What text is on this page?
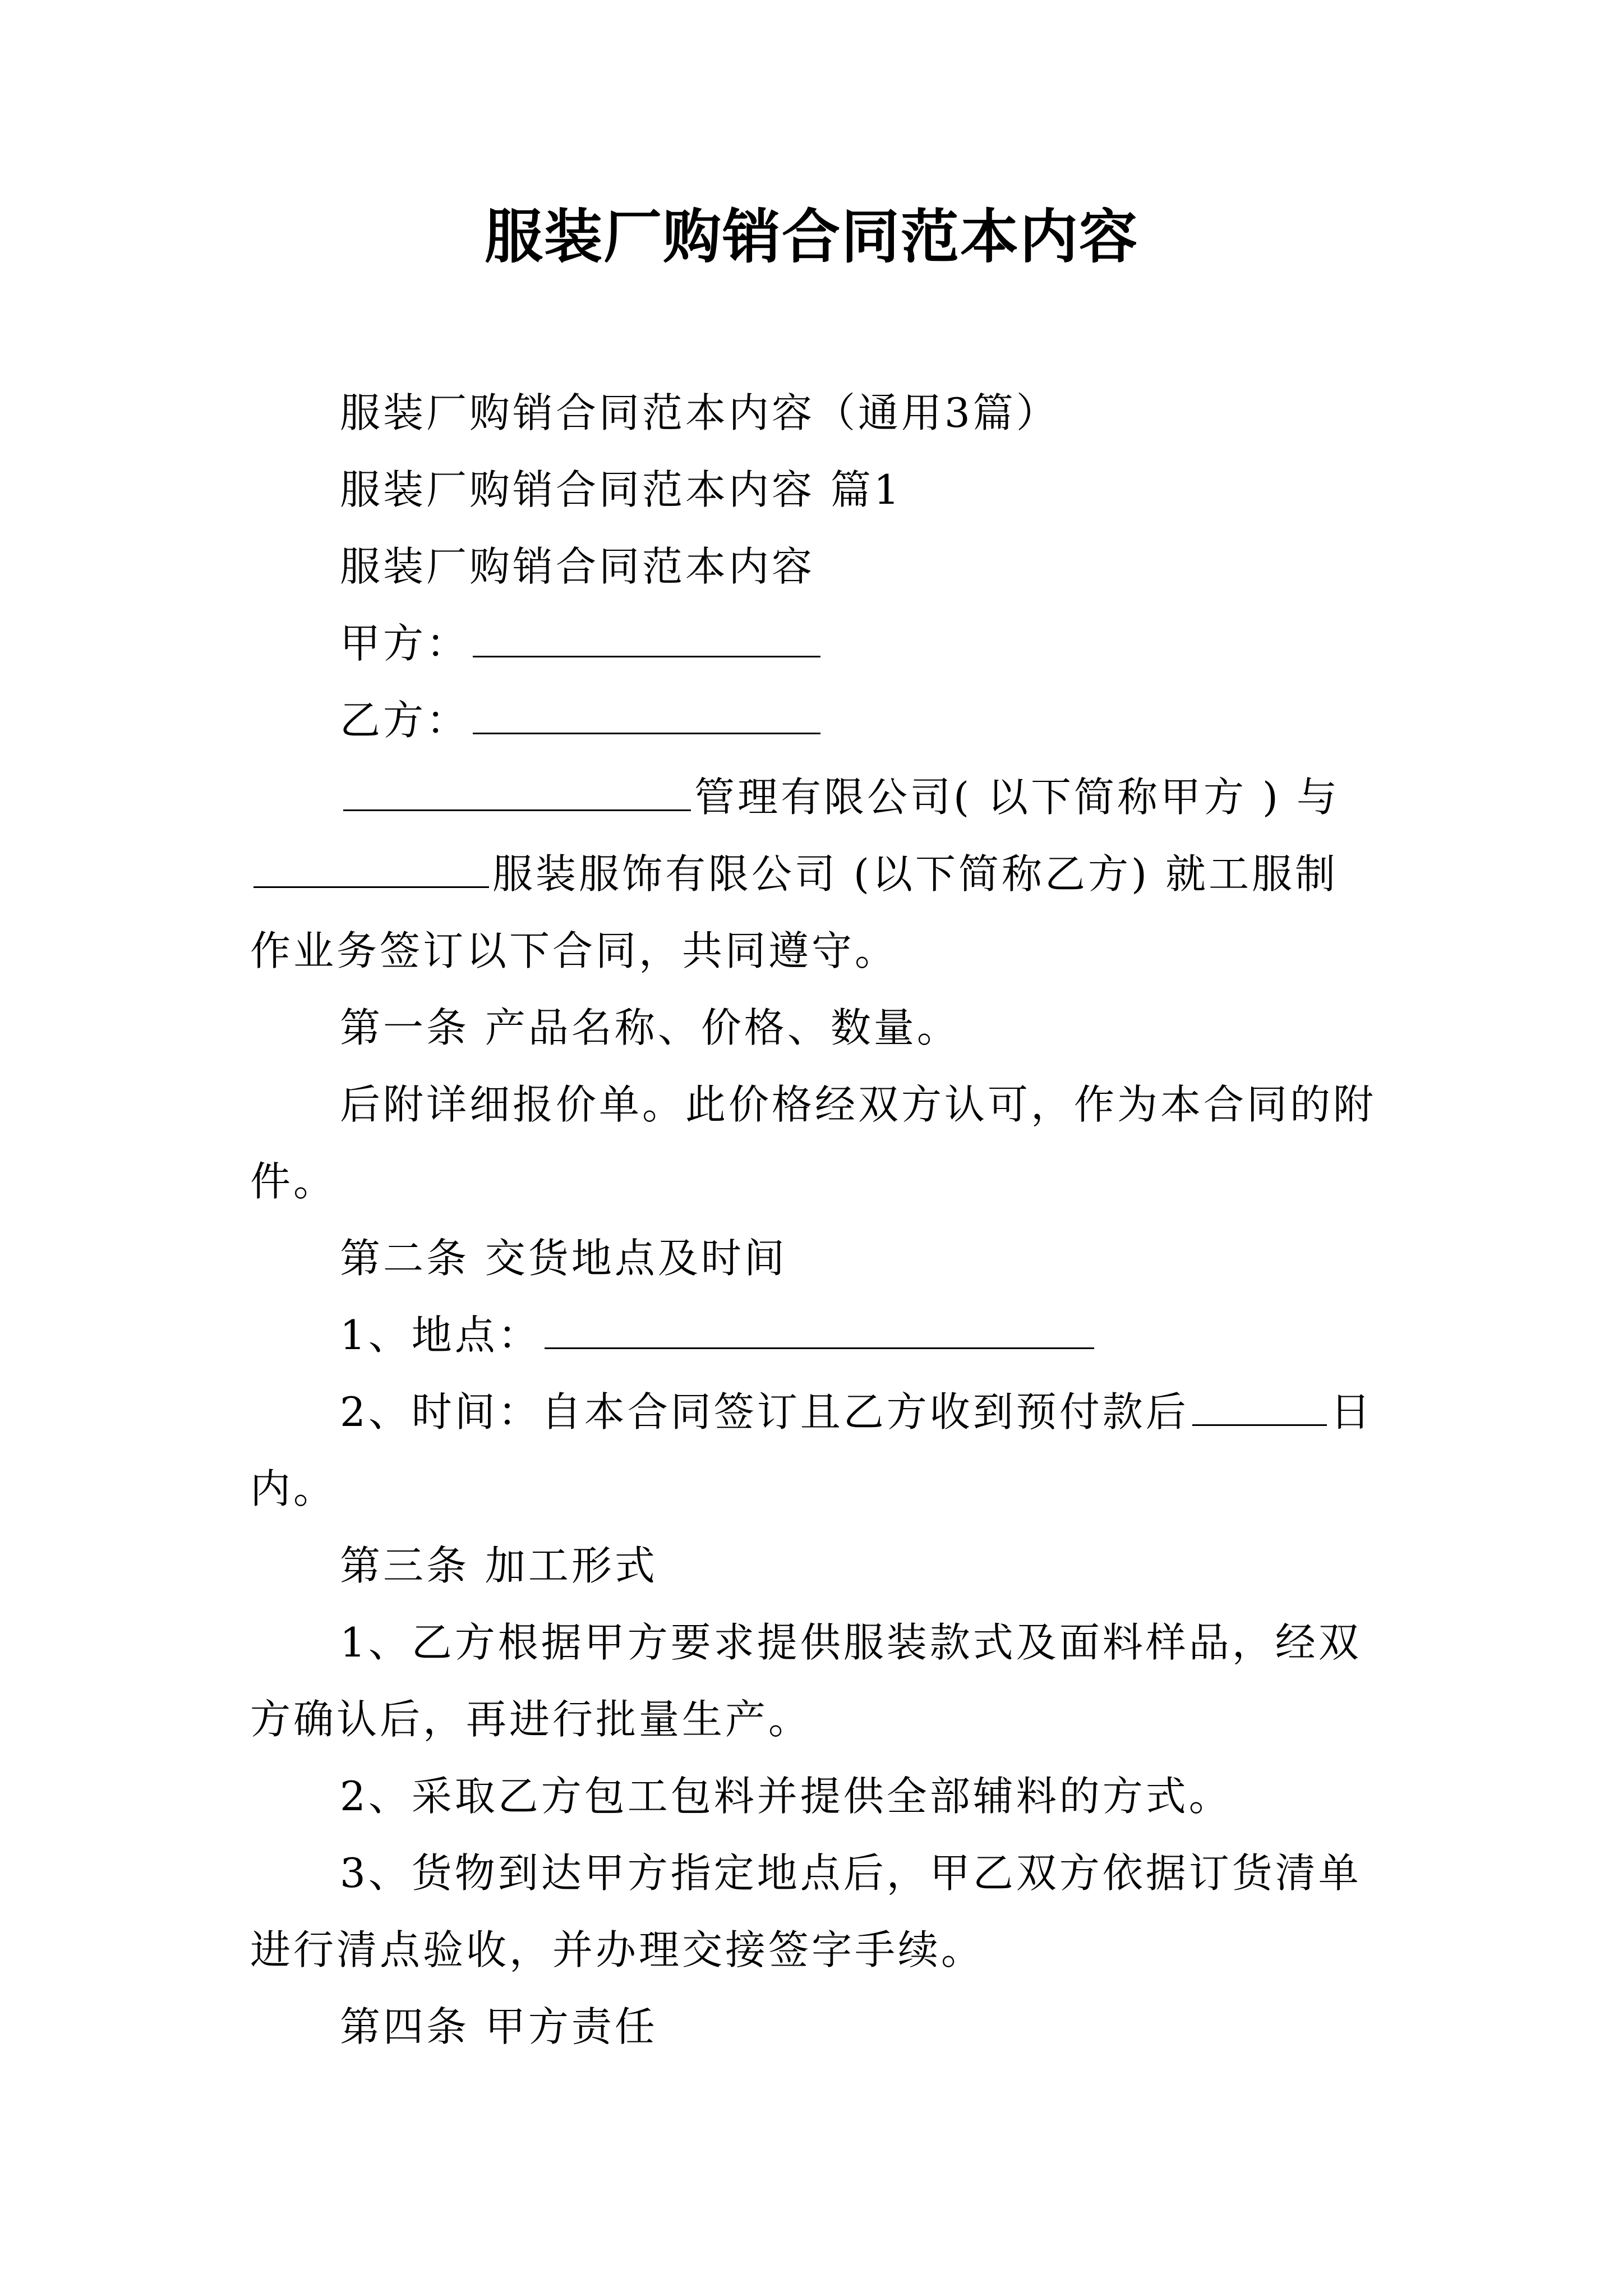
服装厂购销合同范本内容

服装厂购销合同范本内容（通用3篇）

服装厂购销合同范本内容 篇1

服装厂购销合同范本内容

甲方：

乙方：

管理有限公司( 以下简称甲方 ) 与服装服饰有限公司 (以下简称乙方) 就工服制作业务签订以下合同，共同遵守。

第一条 产品名称、价格、数量。

后附详细报价单。此价格经双方认可，作为本合同的附件。

第二条 交货地点及时间

1、地点：

2、时间：自本合同签订且乙方收到预付款后	日内。

第三条 加工形式

1、乙方根据甲方要求提供服装款式及面料样品，经双方确认后，再进行批量生产。

2、采取乙方包工包料并提供全部辅料的方式。

3、货物到达甲方指定地点后，甲乙双方依据订货清单进行清点验收，并办理交接签字手续。

第四条 甲方责任
